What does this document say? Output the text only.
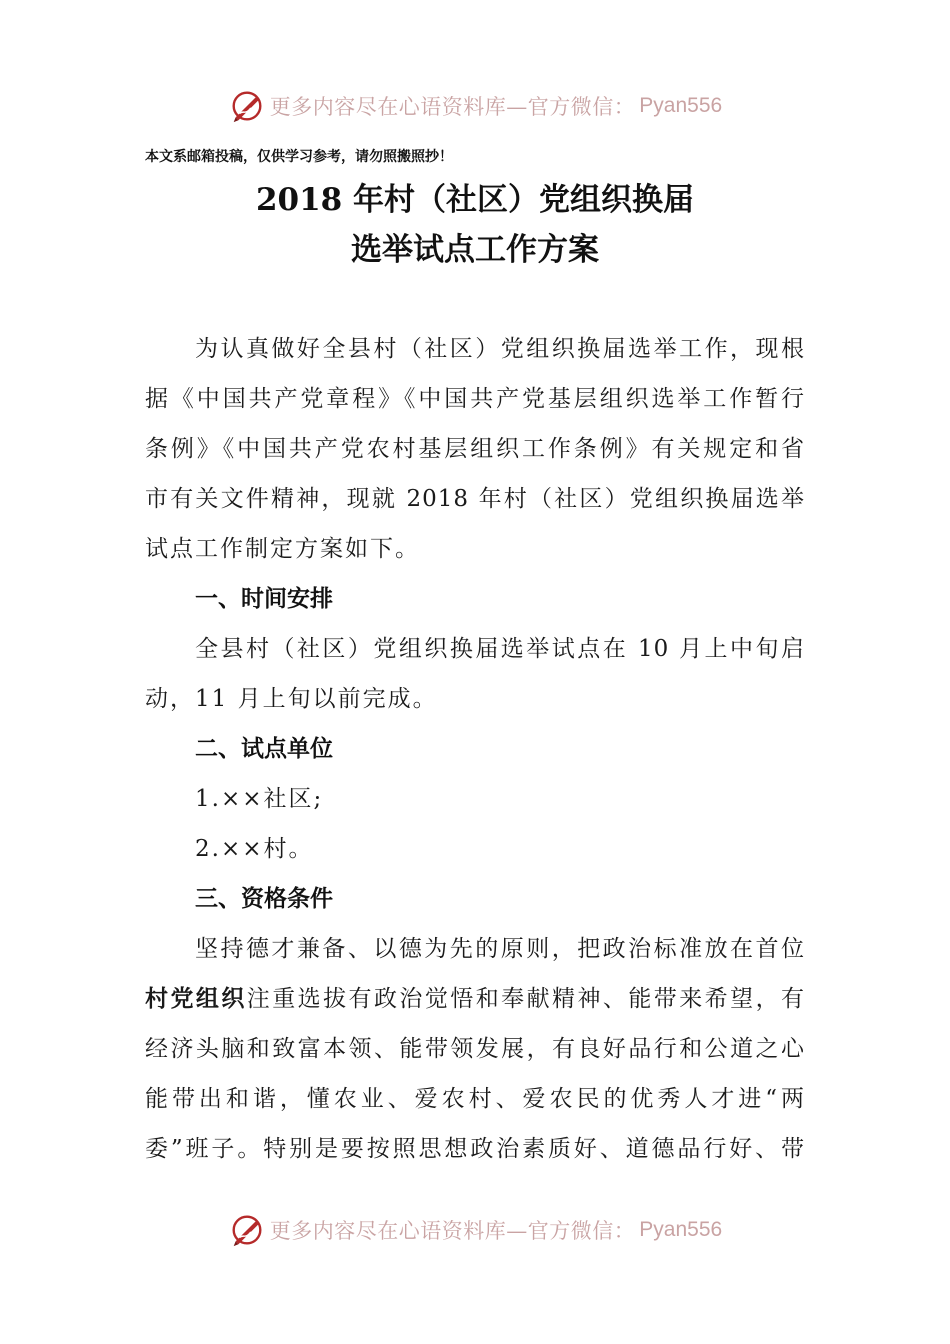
更多内容尽在心语资料库—官方微信： Pyan556
本文系邮箱投稿，仅供学习参考，请勿照搬照抄！
2018 年村（社区）党组织换届
选举试点工作方案
为认真做好全县村（社区）党组织换届选举工作，现根
据《中国共产党章程》《中国共产党基层组织选举工作暂行
条例》《中国共产党农村基层组织工作条例》有关规定和省
市有关文件精神，现就 2018 年村（社区）党组织换届选举
试点工作制定方案如下。
一、时间安排
全县村（社区）党组织换届选举试点在 10 月上中旬启
动，11 月上旬以前完成。
二、试点单位
1.××社区;
2.××村。
三、资格条件
坚持德才兼备、以德为先的原则，把政治标准放在首位
村党组织注重选拔有政治觉悟和奉献精神、能带来希望，有
经济头脑和致富本领、能带领发展，有良好品行和公道之心
能带出和谐，懂农业、爱农村、爱农民的优秀人才进“两
委”班子。特别是要按照思想政治素质好、道德品行好、带
更多内容尽在心语资料库—官方微信： Pyan556
